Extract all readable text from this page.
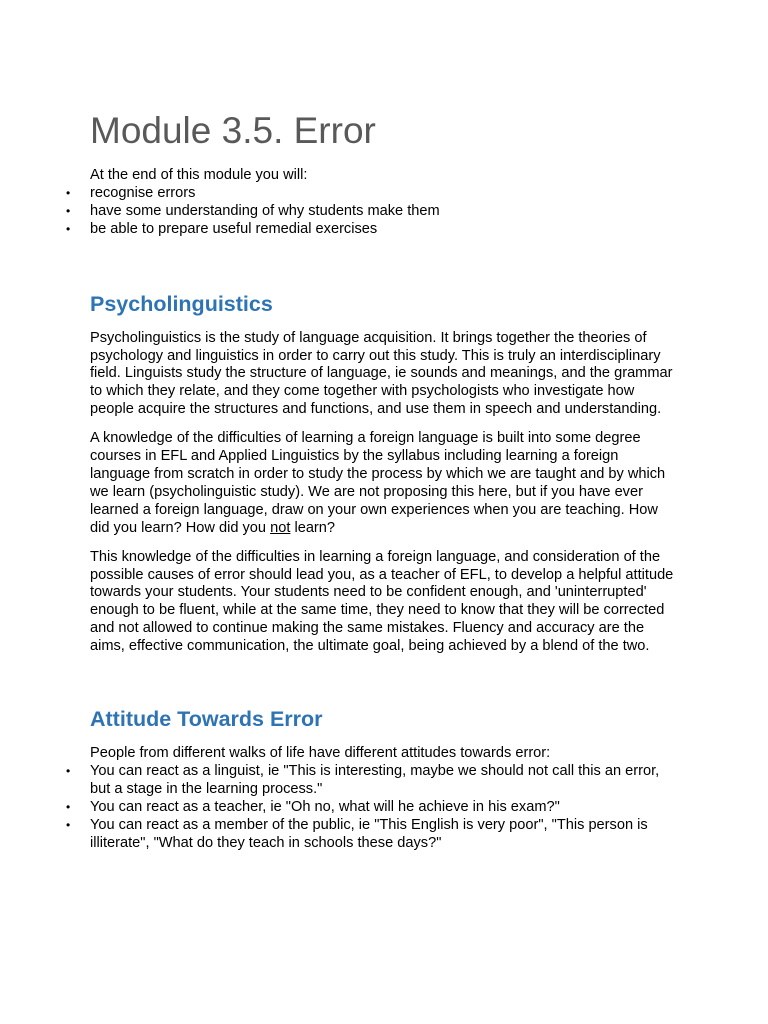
Module 3.5. Error

At the end of this module you will:

• recognise errors
• have some understanding of why students make them
• be able to prepare useful remedial exercises
Psycholinguistics

Psycholinguistics is the study of language acquisition. It brings together the theories of psychology and linguistics in order to carry out this study. This is truly an interdisciplinary field. Linguists study the structure of language, ie sounds and meanings, and the grammar to which they relate, and they come together with psychologists who investigate how people acquire the structures and functions, and use them in speech and understanding.

A knowledge of the difficulties of learning a foreign language is built into some degree courses in EFL and Applied Linguistics by the syllabus including learning a foreign language from scratch in order to study the process by which we are taught and by which we learn (psycholinguistic study). We are not proposing this here, but if you have ever learned a foreign language, draw on your own experiences when you are teaching. How did you learn? How did you not learn?

This knowledge of the difficulties in learning a foreign language, and consideration of the possible causes of error should lead you, as a teacher of EFL, to develop a helpful attitude towards your students. Your students need to be confident enough, and 'uninterrupted' enough to be fluent, while at the same time, they need to know that they will be corrected and not allowed to continue making the same mistakes. Fluency and accuracy are the aims, effective communication, the ultimate goal, being achieved by a blend of the two.

Attitude Towards Error

People from different walks of life have different attitudes towards error:

• You can react as a linguist, ie "This is interesting, maybe we should not call this an error, but a stage in the learning process."
• You can react as a teacher, ie "Oh no, what will he achieve in his exam?"
• You can react as a member of the public, ie "This English is very poor", "This person is illiterate", "What do they teach in schools these days?"
